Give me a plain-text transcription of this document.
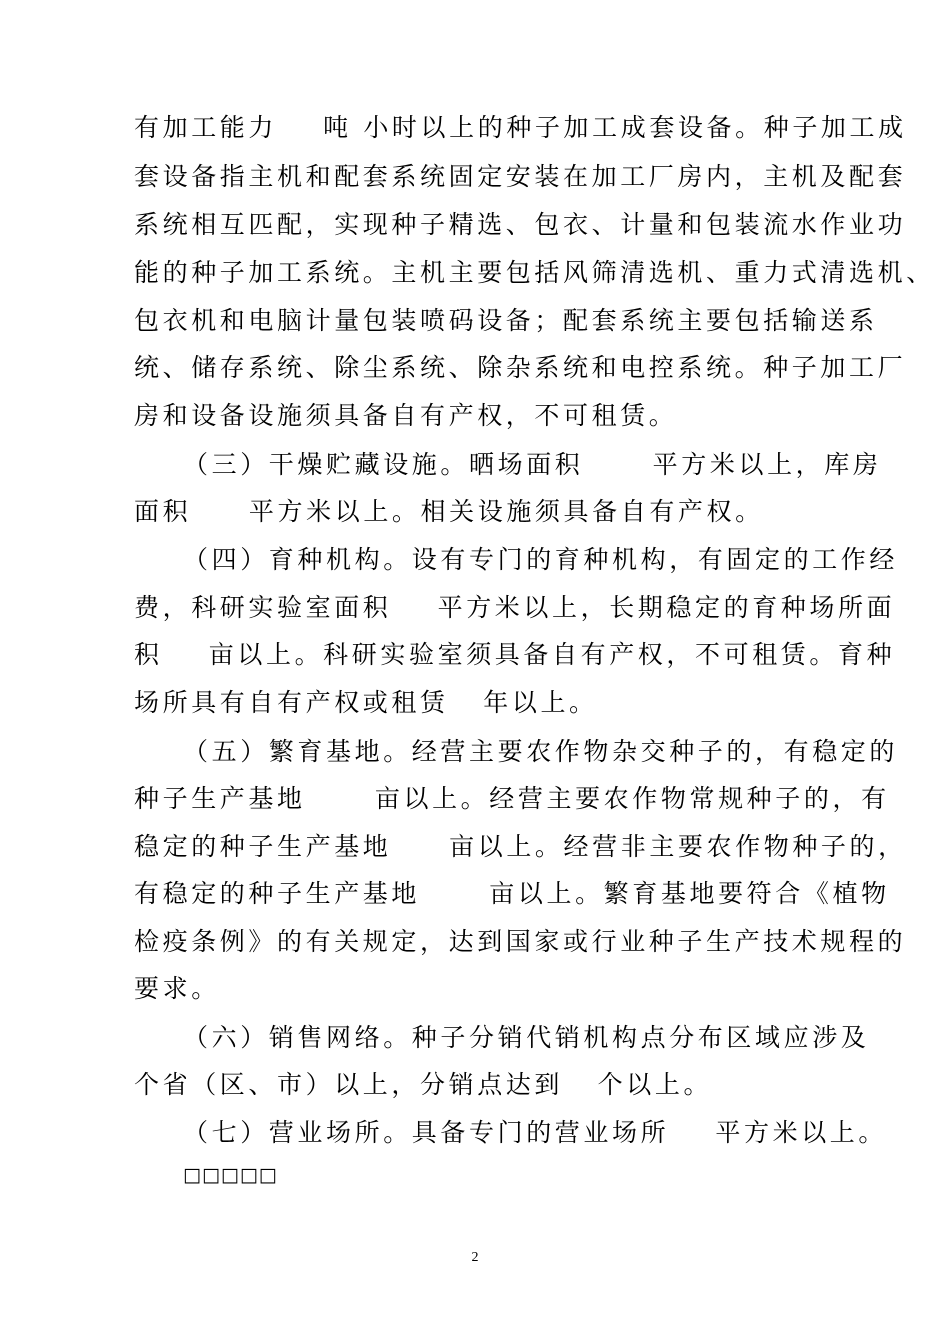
有加工能力    吨 小时以上的种子加工成套设备。种子加工成
套设备指主机和配套系统固定安装在加工厂房内，主机及配套
系统相互匹配，实现种子精选、包衣、计量和包装流水作业功
能的种子加工系统。主机主要包括风筛清选机、重力式清选机、
包衣机和电脑计量包装喷码设备；配套系统主要包括输送系
统、储存系统、除尘系统、除杂系统和电控系统。种子加工厂
房和设备设施须具备自有产权，不可租赁。
（三）干燥贮藏设施。晒场面积      平方米以上，库房
面积     平方米以上。相关设施须具备自有产权。
（四）育种机构。设有专门的育种机构，有固定的工作经
费，科研实验室面积    平方米以上，长期稳定的育种场所面
积    亩以上。科研实验室须具备自有产权，不可租赁。育种
场所具有自有产权或租赁   年以上。
（五）繁育基地。经营主要农作物杂交种子的，有稳定的
种子生产基地      亩以上。经营主要农作物常规种子的，有
稳定的种子生产基地     亩以上。经营非主要农作物种子的，
有稳定的种子生产基地      亩以上。繁育基地要符合《植物
检疫条例》的有关规定，达到国家或行业种子生产技术规程的
要求。
（六）销售网络。种子分销代销机构点分布区域应涉及
个省（区、市）以上，分销点达到   个以上。
（七）营业场所。具备专门的营业场所    平方米以上。
□□□□□
2
